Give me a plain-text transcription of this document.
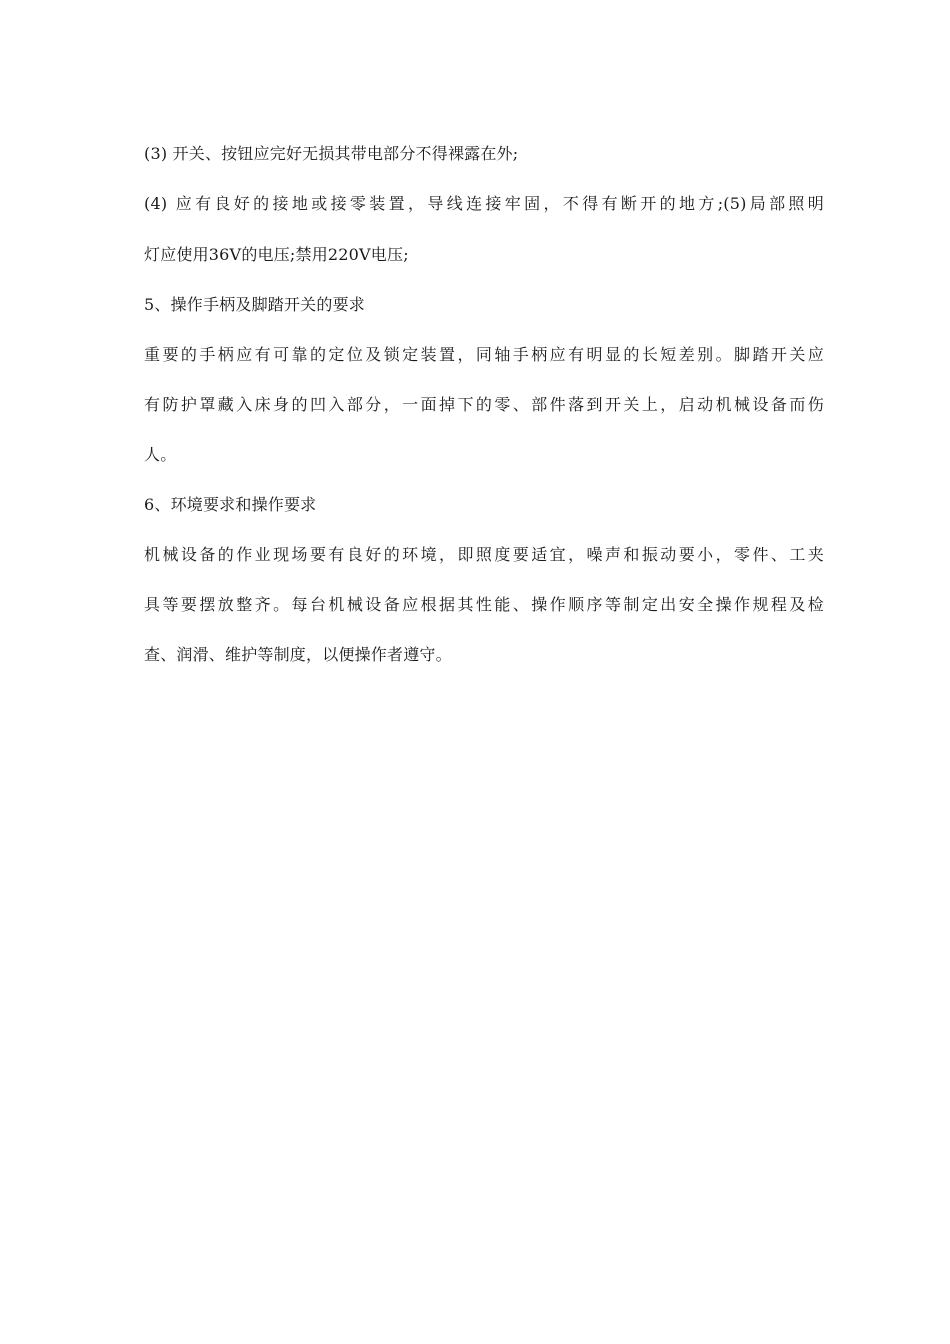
(3) 开关、按钮应完好无损其带电部分不得裸露在外;
(4) 应有良好的接地或接零装置，导线连接牢固，不得有断开的地方;(5)局部照明
灯应使用36V的电压;禁用220V电压;
5、操作手柄及脚踏开关的要求
重要的手柄应有可靠的定位及锁定装置，同轴手柄应有明显的长短差别。脚踏开关应
有防护罩藏入床身的凹入部分，一面掉下的零、部件落到开关上，启动机械设备而伤
人。
6、环境要求和操作要求
机械设备的作业现场要有良好的环境，即照度要适宜，噪声和振动要小，零件、工夹
具等要摆放整齐。每台机械设备应根据其性能、操作顺序等制定出安全操作规程及检
查、润滑、维护等制度，以便操作者遵守。
